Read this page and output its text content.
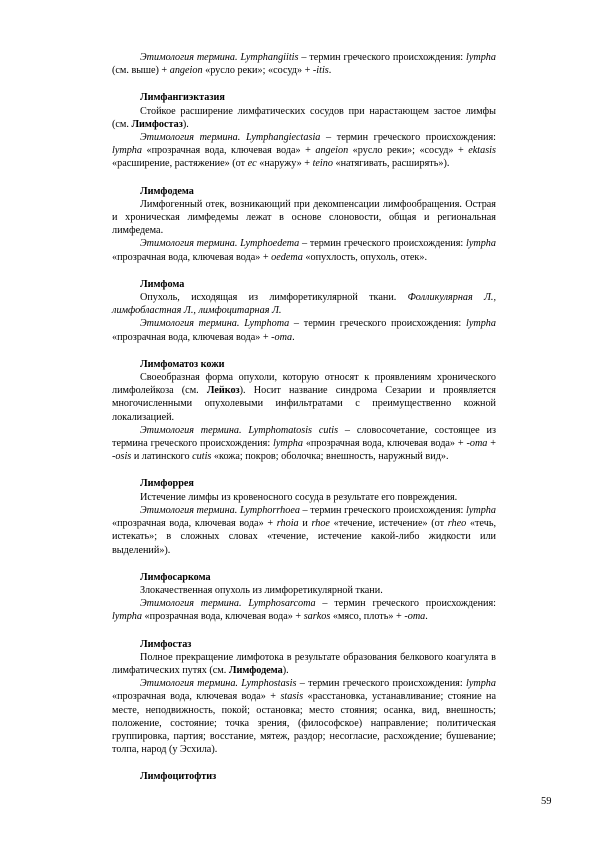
Этимология термина. Lymphangiitis – термин греческого происхождения: lympha (см. выше) + angeion «русло реки»; «сосуд» + -itis.

Лимфангиэктазия

Стойкое расширение лимфатических сосудов при нарастающем застое лимфы (см. Лимфостаз).

Этимология термина. Lymphangiectasia – термин греческого происхождения: lympha «прозрачная вода, ключевая вода» + angeion «русло реки»; «сосуд» + ektasis «расширение, растяжение» (от ec «наружу» + teino «натягивать, расширять»).

Лимфодема

Лимфогенный отек, возникающий при декомпенсации лимфообращения. Острая и хроническая лимфедемы лежат в основе слоновости, общая и региональная лимфедема.

Этимология термина. Lymphoedema – термин греческого происхождения: lympha «прозрачная вода, ключевая вода» + oedema «опухлость, опухоль, отек».

Лимфома

Опухоль, исходящая из лимфоретикулярной ткани. Фолликулярная Л., лимфобластная Л., лимфоцитарная Л.

Этимология термина. Lymphoma – термин греческого происхождения: lympha «прозрачная вода, ключевая вода» + -oma.

Лимфоматоз кожи

Своеобразная форма опухоли, которую относят к проявлениям хронического лимфолейкоза (см. Лейкоз). Носит название синдрома Сезарии и проявляется многочисленными опухолевыми инфильтратами с преимущественно кожной локализацией.

Этимология термина. Lymphomatosis cutis – словосочетание, состоящее из термина греческого происхождения: lympha «прозрачная вода, ключевая вода» + -oma + -osis и латинского cutis «кожа; покров; оболочка; внешность, наружный вид».

Лимфоррея

Истечение лимфы из кровеносного сосуда в результате его повреждения.

Этимология термина. Lymphorrhoea – термин греческого происхождения: lympha «прозрачная вода, ключевая вода» + rhoia и rhoe «течение, истечение» (от rheo «течь, истекать»; в сложных словах «течение, истечение какой-либо жидкости или выделений»).

Лимфосаркома

Злокачественная опухоль из лимфоретикулярной ткани.

Этимология термина. Lymphosarcoma – термин греческого происхождения: lympha «прозрачная вода, ключевая вода» + sarkos «мясо, плоть» + -oma.

Лимфостаз

Полное прекращение лимфотока в результате образования белкового коагулята в лимфатических путях (см. Лимфодема).

Этимология термина. Lymphostasis – термин греческого происхождения: lympha «прозрачная вода, ключевая вода» + stasis «расстановка, устанавливание; стояние на месте, неподвижность, покой; остановка; место стояния; осанка, вид, внешность; положение, состояние; точка зрения, (философское) направление; политическая группировка, партия; восстание, мятеж, раздор; несогласие, расхождение; бушевание; толпа, народ (у Эсхила).

Лимфоцитофтиз

59
